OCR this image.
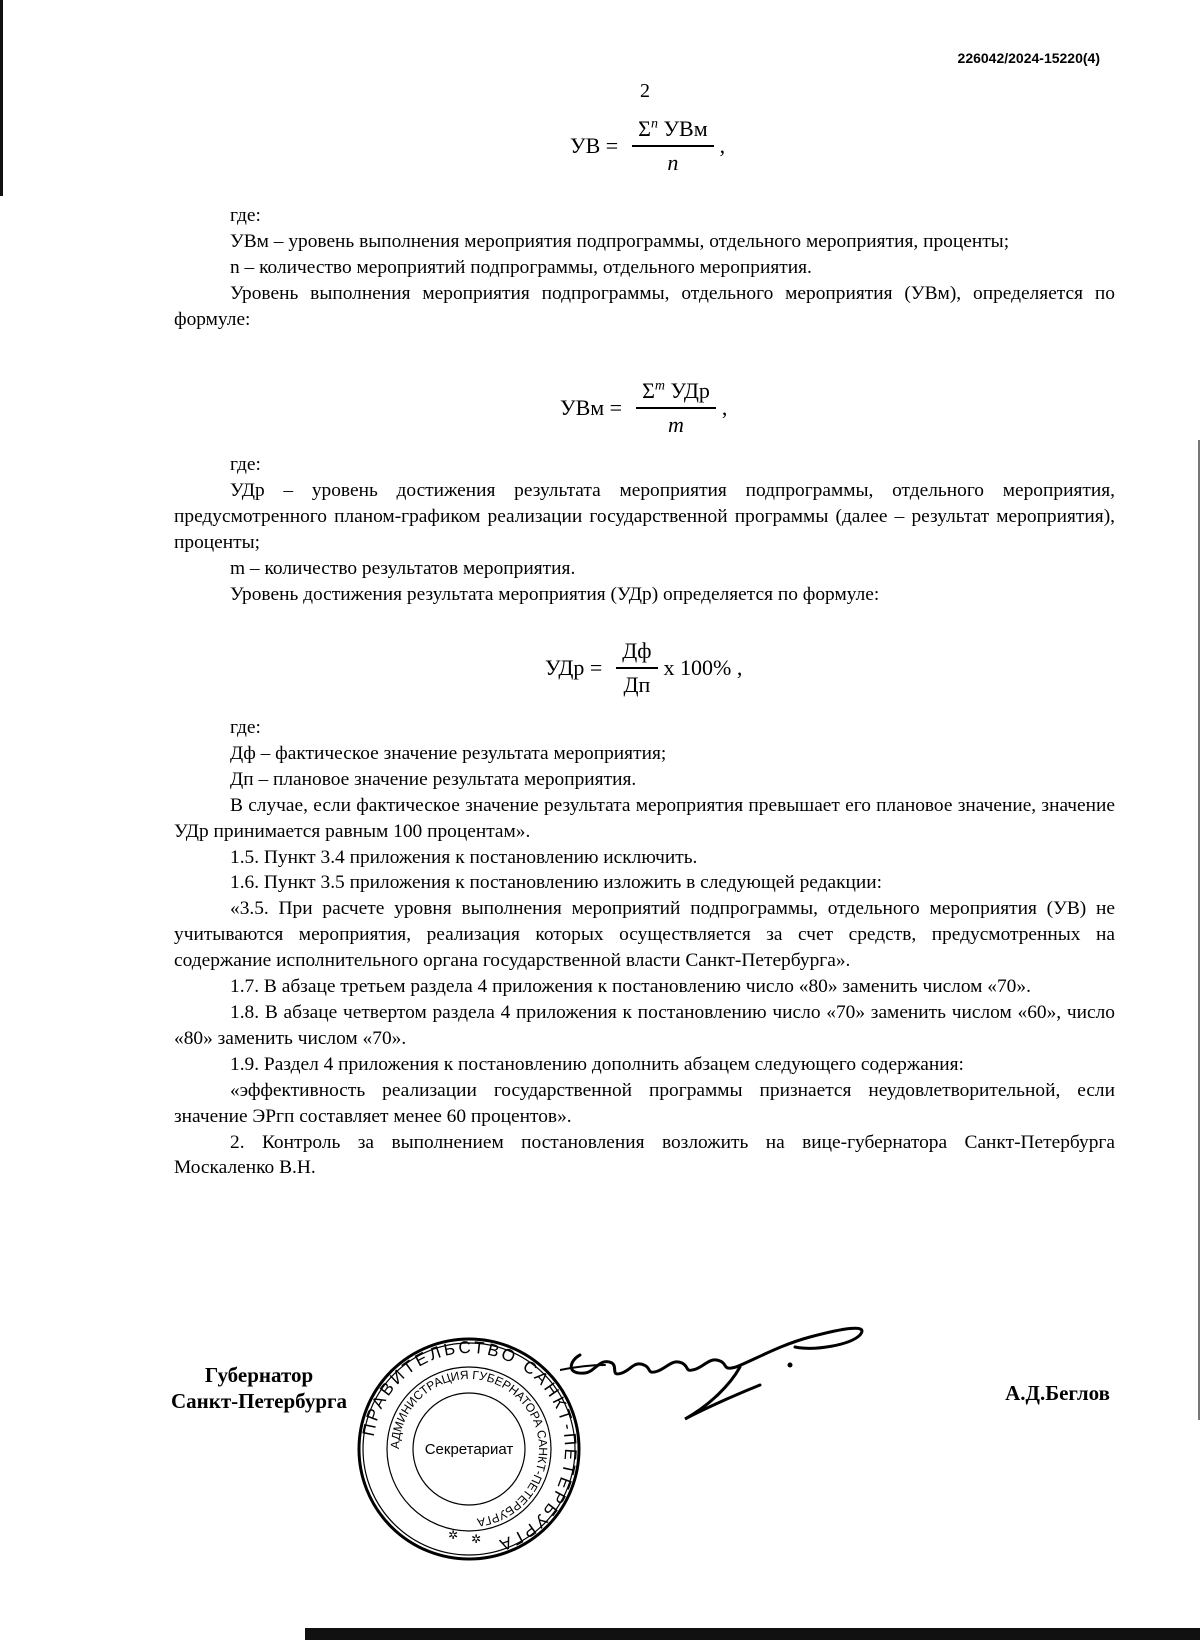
226042/2024-15220(4)
2
УВ = $\frac{\Sigma^n УВм}{n}$ ,

где:

УВм – уровень выполнения мероприятия подпрограммы, отдельного мероприятия, проценты;

n – количество мероприятий подпрограммы, отдельного мероприятия.

Уровень выполнения мероприятия подпрограммы, отдельного мероприятия (УВм), определяется по формуле:

УВм = $\frac{\Sigma^m УДр}{m}$ ,

где:

УДр – уровень достижения результата мероприятия подпрограммы, отдельного мероприятия, предусмотренного планом-графиком реализации государственной программы (далее – результат мероприятия), проценты;

m – количество результатов мероприятия.

Уровень достижения результата мероприятия (УДр) определяется по формуле:

УДр = $\frac{Дф}{Дп}$ x 100% ,

где:

Дф – фактическое значение результата мероприятия;

Дп – плановое значение результата мероприятия.

В случае, если фактическое значение результата мероприятия превышает его плановое значение, значение УДр принимается равным 100 процентам».

1.5. Пункт 3.4 приложения к постановлению исключить.

1.6. Пункт 3.5 приложения к постановлению изложить в следующей редакции:

«3.5. При расчете уровня выполнения мероприятий подпрограммы, отдельного мероприятия (УВ) не учитываются мероприятия, реализация которых осуществляется за счет средств, предусмотренных на содержание исполнительного органа государственной власти Санкт-Петербурга».

1.7. В абзаце третьем раздела 4 приложения к постановлению число «80» заменить числом «70».

1.8. В абзаце четвертом раздела 4 приложения к постановлению число «70» заменить числом «60», число «80» заменить числом «70».

1.9. Раздел 4 приложения к постановлению дополнить абзацем следующего содержания:

«эффективность реализации государственной программы признается неудовлетворительной, если значение ЭРгп составляет менее 60 процентов».

2. Контроль за выполнением постановления возложить на вице-губернатора Санкт-Петербурга Москаленко В.Н.

Губернатор
Санкт-Петербурга	А.Д.Беглов
ПРАВИТЕЛЬСТВО САНКТ-ПЕТЕРБУРГА
АДМИНИСТРАЦИЯ ГУБЕРНАТОРА САНКТ-ПЕТЕРБУРГА
Секретариат
✲ ✲
